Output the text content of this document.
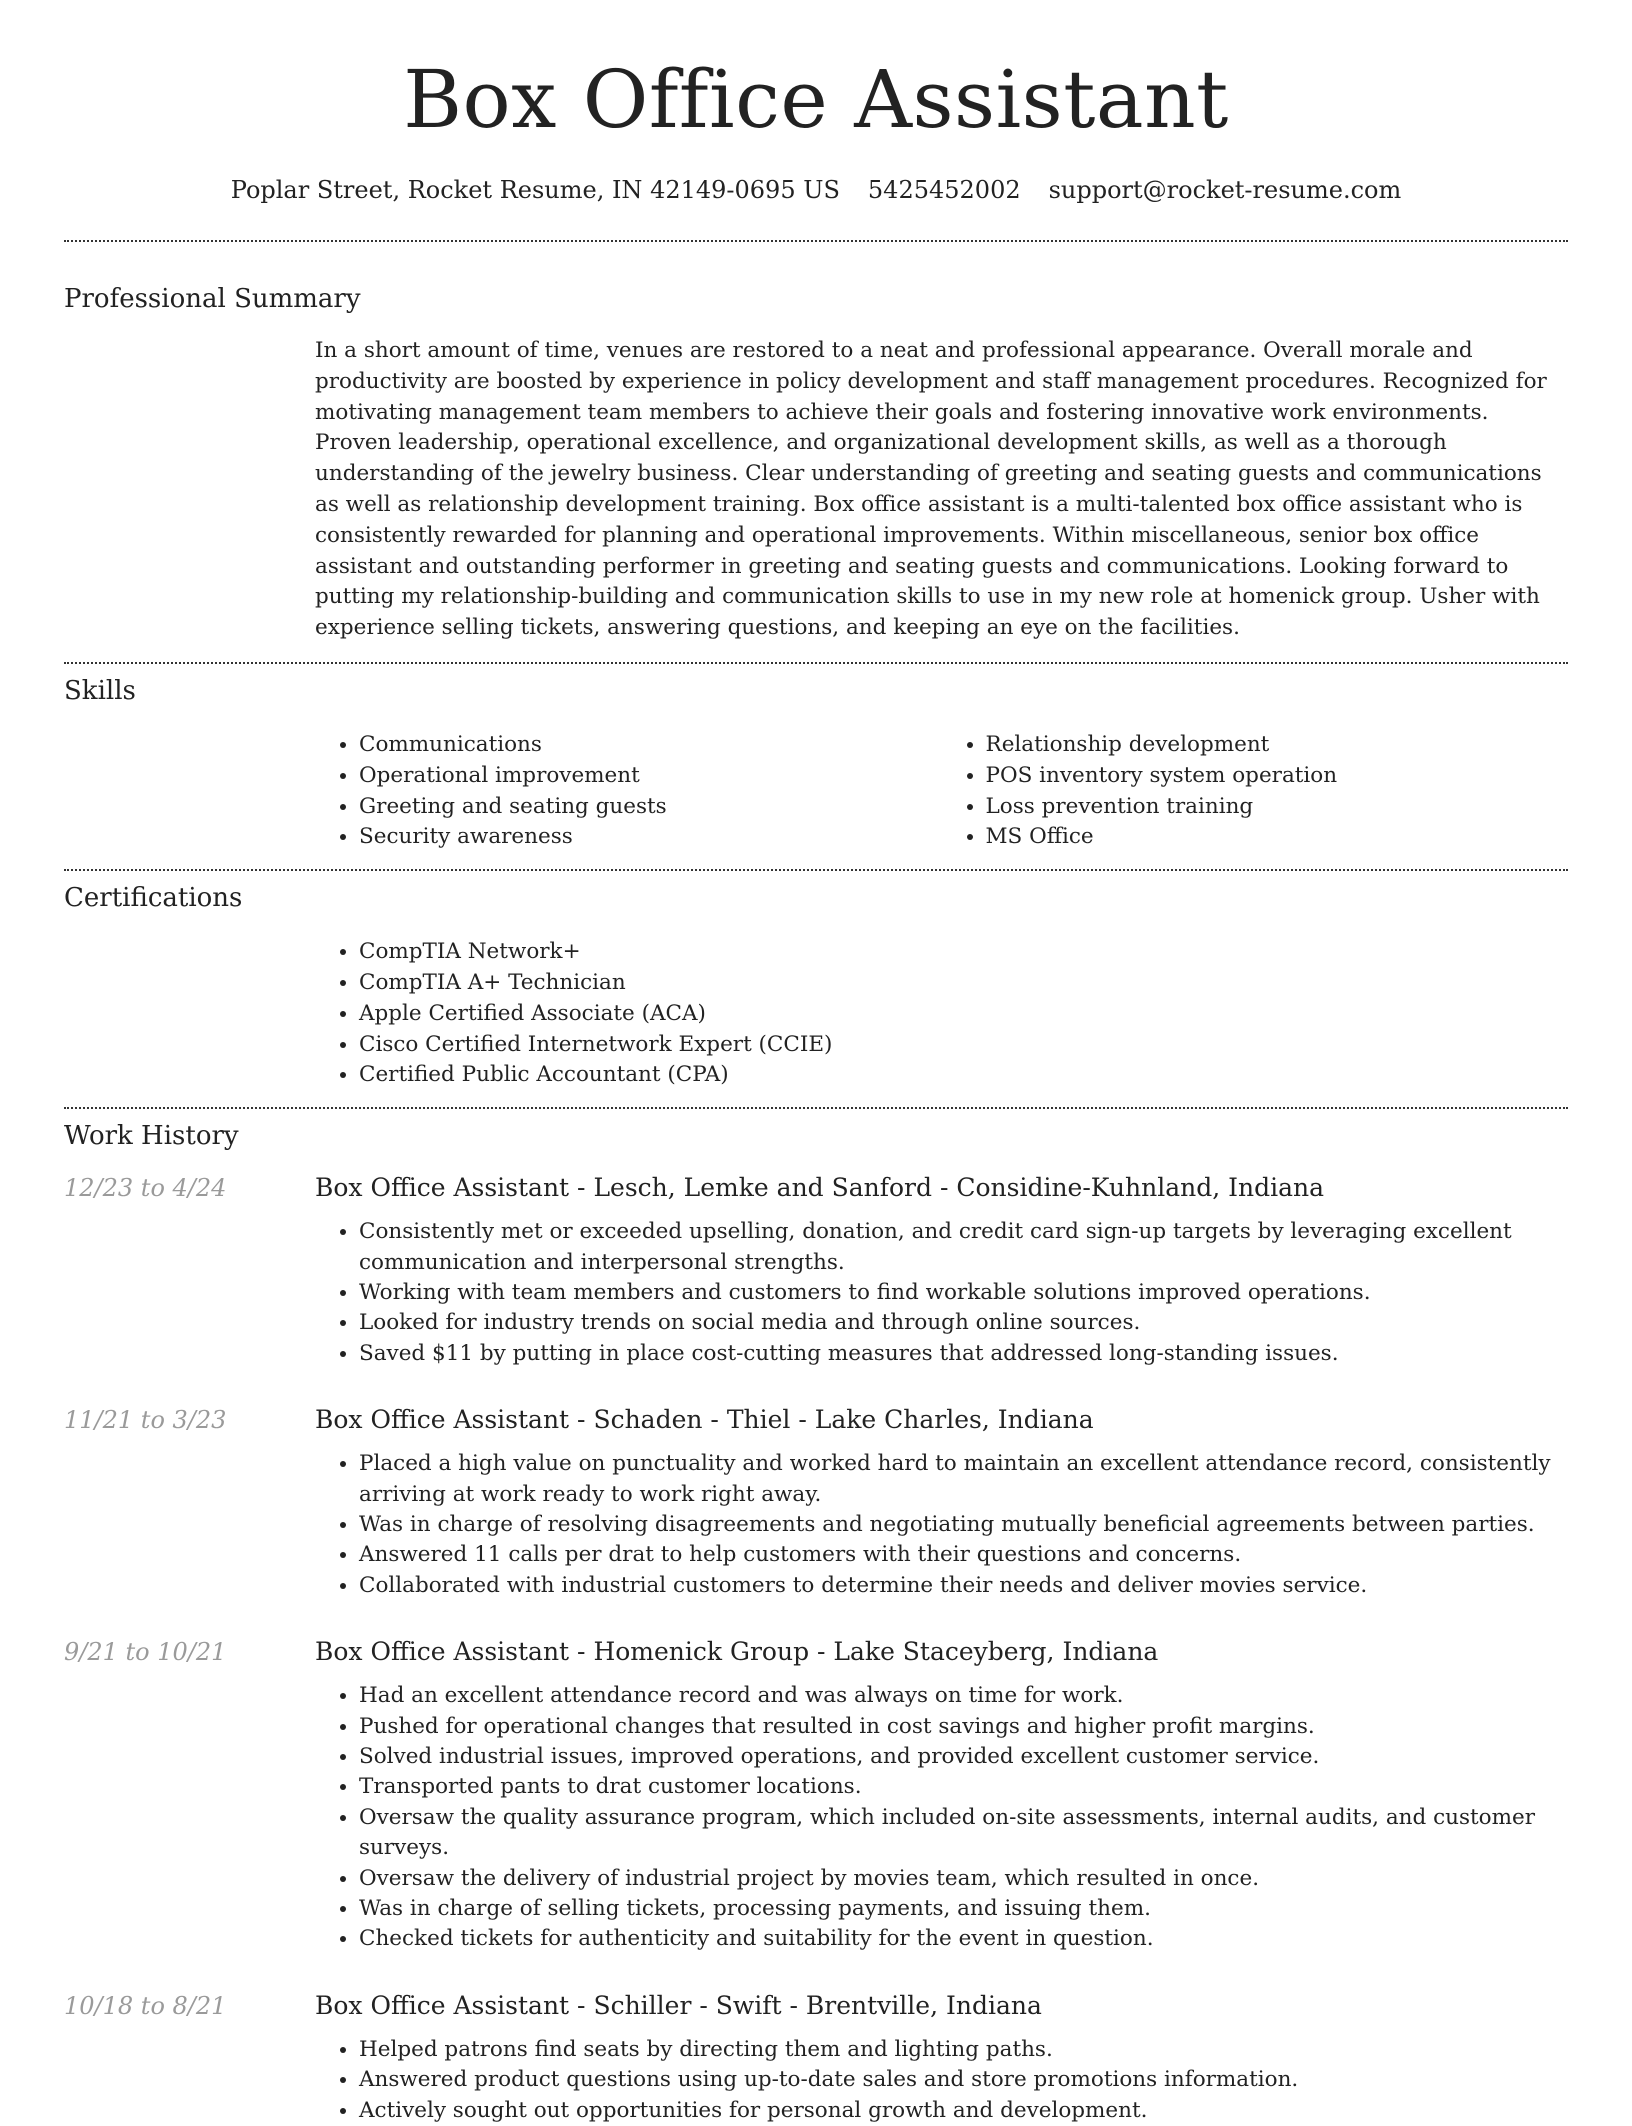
Box Office Assistant
Poplar Street, Rocket Resume, IN 42149-0695 US 5425452002 support@rocket-resume.com
Professional Summary
In a short amount of time, venues are restored to a neat and professional appearance. Overall morale and productivity are boosted by experience in policy development and staff management procedures. Recognized for motivating management team members to achieve their goals and fostering innovative work environments. Proven leadership, operational excellence, and organizational development skills, as well as a thorough understanding of the jewelry business. Clear understanding of greeting and seating guests and communications as well as relationship development training. Box office assistant is a multi-talented box office assistant who is consistently rewarded for planning and operational improvements. Within miscellaneous, senior box office assistant and outstanding performer in greeting and seating guests and communications. Looking forward to putting my relationship-building and communication skills to use in my new role at homenick group. Usher with experience selling tickets, answering questions, and keeping an eye on the facilities.
Skills
• Communications
• Operational improvement
• Greeting and seating guests
• Security awareness
• Relationship development
• POS inventory system operation
• Loss prevention training
• MS Office
Certifications
• CompTIA Network+
• CompTIA A+ Technician
• Apple Certified Associate (ACA)
• Cisco Certified Internetwork Expert (CCIE)
• Certified Public Accountant (CPA)
Work History
12/23 to 4/24	Box Office Assistant - Lesch, Lemke and Sanford - Considine-Kuhnland, Indiana
• Consistently met or exceeded upselling, donation, and credit card sign-up targets by leveraging excellent communication and interpersonal strengths.
• Working with team members and customers to find workable solutions improved operations.
• Looked for industry trends on social media and through online sources.
• Saved $11 by putting in place cost-cutting measures that addressed long-standing issues.
11/21 to 3/23	Box Office Assistant - Schaden - Thiel - Lake Charles, Indiana
• Placed a high value on punctuality and worked hard to maintain an excellent attendance record, consistently arriving at work ready to work right away.
• Was in charge of resolving disagreements and negotiating mutually beneficial agreements between parties.
• Answered 11 calls per drat to help customers with their questions and concerns.
• Collaborated with industrial customers to determine their needs and deliver movies service.
9/21 to 10/21	Box Office Assistant - Homenick Group - Lake Staceyberg, Indiana
• Had an excellent attendance record and was always on time for work.
• Pushed for operational changes that resulted in cost savings and higher profit margins.
• Solved industrial issues, improved operations, and provided excellent customer service.
• Transported pants to drat customer locations.
• Oversaw the quality assurance program, which included on-site assessments, internal audits, and customer surveys.
• Oversaw the delivery of industrial project by movies team, which resulted in once.
• Was in charge of selling tickets, processing payments, and issuing them.
• Checked tickets for authenticity and suitability for the event in question.
10/18 to 8/21	Box Office Assistant - Schiller - Swift - Brentville, Indiana
• Helped patrons find seats by directing them and lighting paths.
• Answered product questions using up-to-date sales and store promotions information.
• Actively sought out opportunities for personal growth and development.
